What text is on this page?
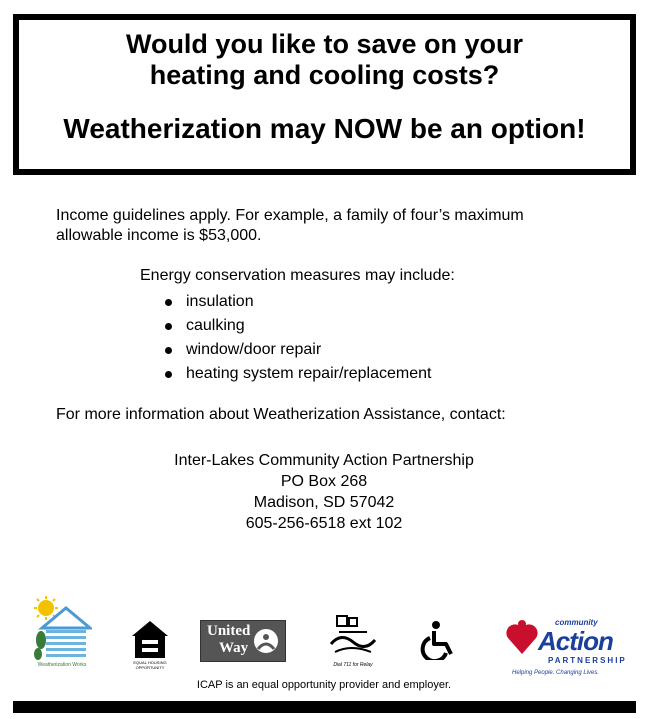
Would you like to save on your

heating and cooling costs?

Weatherization may NOW be an option!

Income guidelines apply. For example, a family of four’s maximum
allowable income is $53,000.
Energy conservation measures may include:
insulation
caulking
window/door repair
heating system repair/replacement
For more information about Weatherization Assistance, contact:
Inter-Lakes Community Action Partnership
PO Box 268
Madison, SD 57042
605-256-6518 ext 102
Weatherization Works	EQUAL HOUSING OPPORTUNITY
United
Way
Dial 711 for Relay
community
Action
PARTNERSHIP
Helping People. Changing Lives.
ICAP is an equal opportunity provider and employer.
